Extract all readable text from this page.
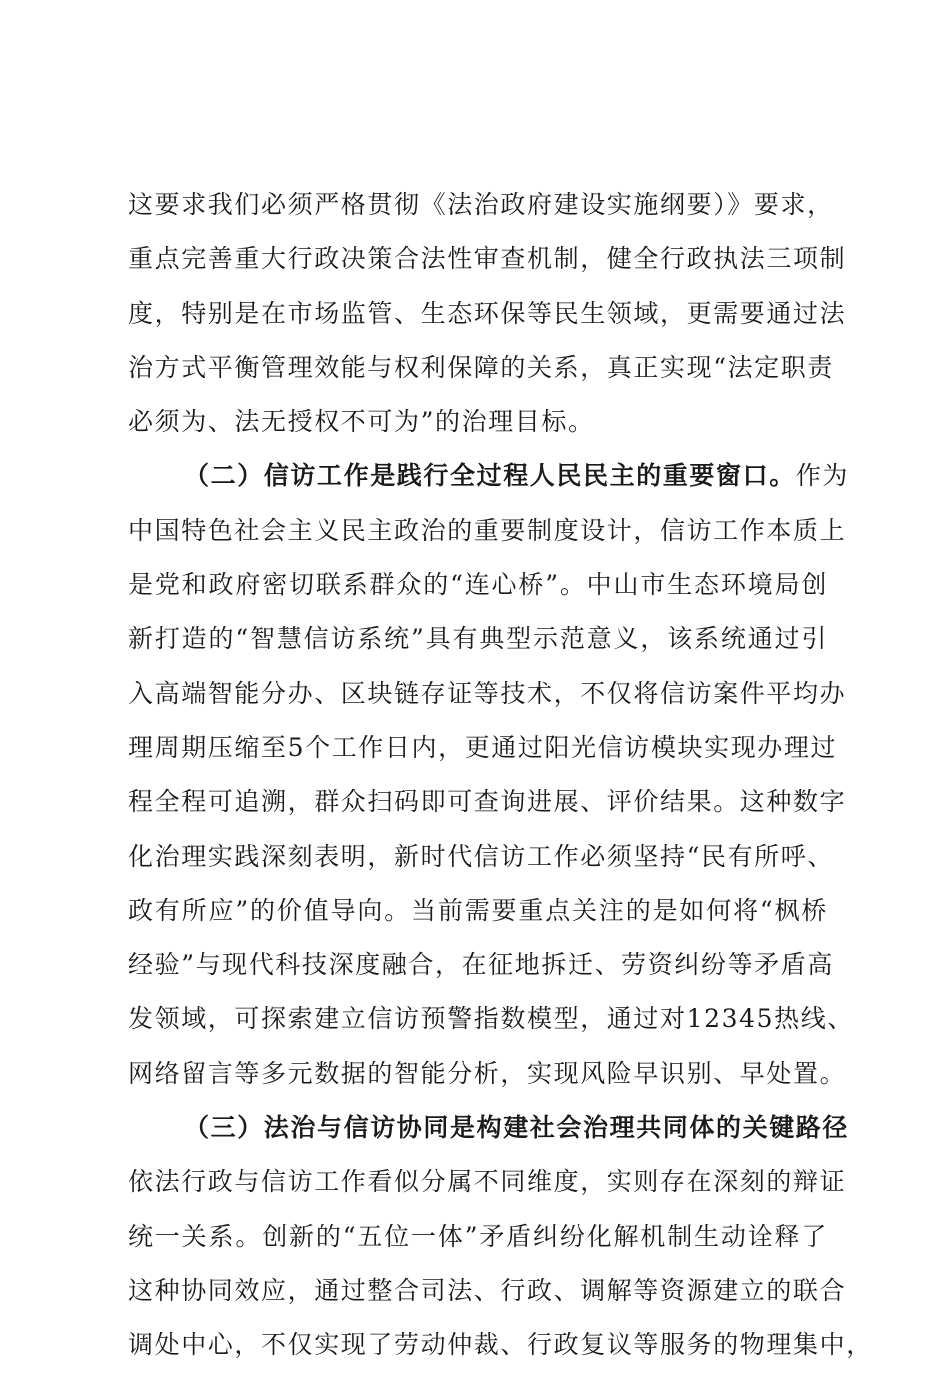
这要求我们必须严格贯彻《法治政府建设实施纲要）》要求，
重点完善重大行政决策合法性审查机制，健全行政执法三项制
度，特别是在市场监管、生态环保等民生领域，更需要通过法
治方式平衡管理效能与权利保障的关系，真正实现“法定职责
必须为、法无授权不可为”的治理目标。
（二）信访工作是践行全过程人民民主的重要窗口。作为
中国特色社会主义民主政治的重要制度设计，信访工作本质上
是党和政府密切联系群众的“连心桥”。中山市生态环境局创
新打造的“智慧信访系统”具有典型示范意义，该系统通过引
入高端智能分办、区块链存证等技术，不仅将信访案件平均办
理周期压缩至5个工作日内，更通过阳光信访模块实现办理过
程全程可追溯，群众扫码即可查询进展、评价结果。这种数字
化治理实践深刻表明，新时代信访工作必须坚持“民有所呼、
政有所应”的价值导向。当前需要重点关注的是如何将“枫桥
经验”与现代科技深度融合，在征地拆迁、劳资纠纷等矛盾高
发领域，可探索建立信访预警指数模型，通过对12345热线、
网络留言等多元数据的智能分析，实现风险早识别、早处置。
（三）法治与信访协同是构建社会治理共同体的关键路径
依法行政与信访工作看似分属不同维度，实则存在深刻的辩证
统一关系。创新的“五位一体”矛盾纠纷化解机制生动诠释了
这种协同效应，通过整合司法、行政、调解等资源建立的联合
调处中心，不仅实现了劳动仲裁、行政复议等服务的物理集中，
